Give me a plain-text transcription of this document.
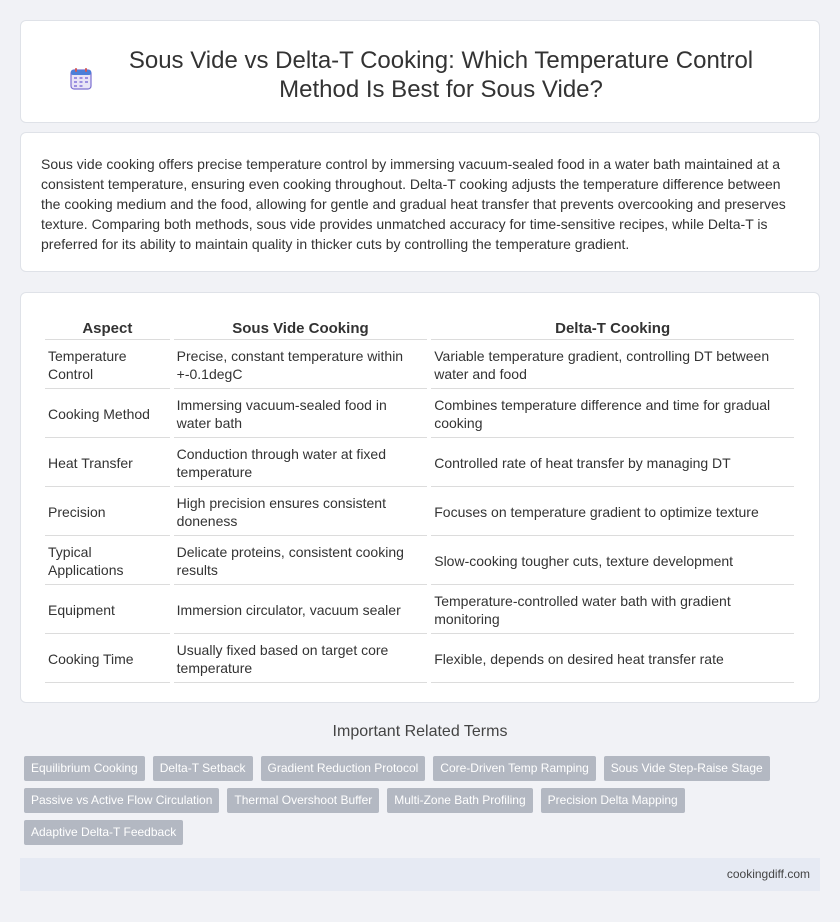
Sous Vide vs Delta-T Cooking: Which Temperature Control Method Is Best for Sous Vide?

Sous vide cooking offers precise temperature control by immersing vacuum-sealed food in a water bath maintained at a consistent temperature, ensuring even cooking throughout. Delta-T cooking adjusts the temperature difference between the cooking medium and the food, allowing for gentle and gradual heat transfer that prevents overcooking and preserves texture. Comparing both methods, sous vide provides unmatched accuracy for time-sensitive recipes, while Delta-T is preferred for its ability to maintain quality in thicker cuts by controlling the temperature gradient.

Aspect	Sous Vide Cooking	Delta-T Cooking
Temperature Control	Precise, constant temperature within +-0.1degC	Variable temperature gradient, controlling DT between water and food
Cooking Method	Immersing vacuum-sealed food in water bath	Combines temperature difference and time for gradual cooking
Heat Transfer	Conduction through water at fixed temperature	Controlled rate of heat transfer by managing DT
Precision	High precision ensures consistent doneness	Focuses on temperature gradient to optimize texture
Typical Applications	Delicate proteins, consistent cooking results	Slow-cooking tougher cuts, texture development
Equipment	Immersion circulator, vacuum sealer	Temperature-controlled water bath with gradient monitoring
Cooking Time	Usually fixed based on target core temperature	Flexible, depends on desired heat transfer rate
Important Related Terms
Equilibrium Cooking	Delta-T Setback	Gradient Reduction Protocol	Core-Driven Temp Ramping	Sous Vide Step-Raise Stage
Passive vs Active Flow Circulation	Thermal Overshoot Buffer	Multi-Zone Bath Profiling	Precision Delta Mapping
Adaptive Delta-T Feedback
cookingdiff.com
